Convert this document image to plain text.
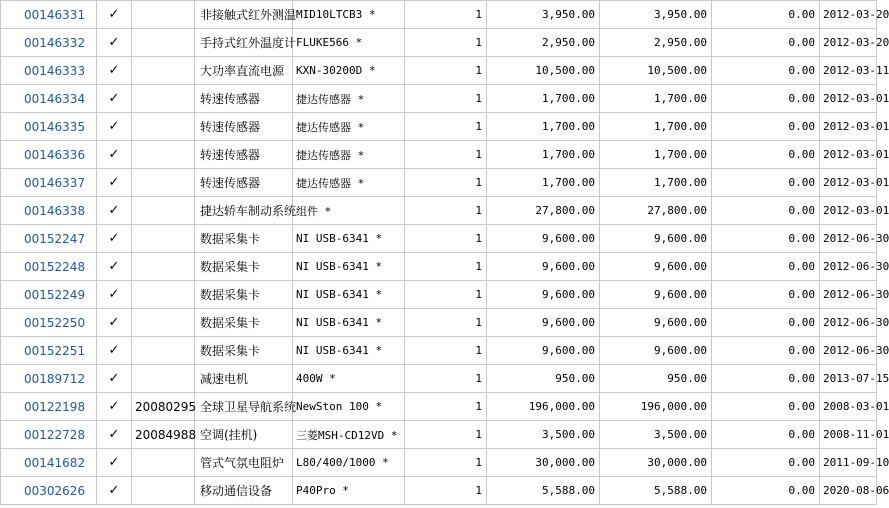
00146331	✓		非接触式红外测温	MID10LTCB3 *	1	3,950.00	3,950.00	0.00	2012-03-20
00146332	✓		手持式红外温度计	FLUKE566 *	1	2,950.00	2,950.00	0.00	2012-03-20
00146333	✓		大功率直流电源	KXN-30200D *	1	10,500.00	10,500.00	0.00	2012-03-11
00146334	✓		转速传感器	捷达传感器 *	1	1,700.00	1,700.00	0.00	2012-03-01
00146335	✓		转速传感器	捷达传感器 *	1	1,700.00	1,700.00	0.00	2012-03-01
00146336	✓		转速传感器	捷达传感器 *	1	1,700.00	1,700.00	0.00	2012-03-01
00146337	✓		转速传感器	捷达传感器 *	1	1,700.00	1,700.00	0.00	2012-03-01
00146338	✓		捷达轿车制动系统	组件 *	1	27,800.00	27,800.00	0.00	2012-03-01
00152247	✓		数据采集卡	NI USB-6341 *	1	9,600.00	9,600.00	0.00	2012-06-30
00152248	✓		数据采集卡	NI USB-6341 *	1	9,600.00	9,600.00	0.00	2012-06-30
00152249	✓		数据采集卡	NI USB-6341 *	1	9,600.00	9,600.00	0.00	2012-06-30
00152250	✓		数据采集卡	NI USB-6341 *	1	9,600.00	9,600.00	0.00	2012-06-30
00152251	✓		数据采集卡	NI USB-6341 *	1	9,600.00	9,600.00	0.00	2012-06-30
00189712	✓		减速电机	400W *	1	950.00	950.00	0.00	2013-07-15
00122198	✓	20080295	全球卫星导航系统	NewSton 100 *	1	196,000.00	196,000.00	0.00	2008-03-01
00122728	✓	20084988	空调(挂机)	三菱MSH-CD12VD *	1	3,500.00	3,500.00	0.00	2008-11-01
00141682	✓		管式气氛电阻炉	L80/400/1000 *	1	30,000.00	30,000.00	0.00	2011-09-10
00302626	✓		移动通信设备	P40Pro *	1	5,588.00	5,588.00	0.00	2020-08-06
